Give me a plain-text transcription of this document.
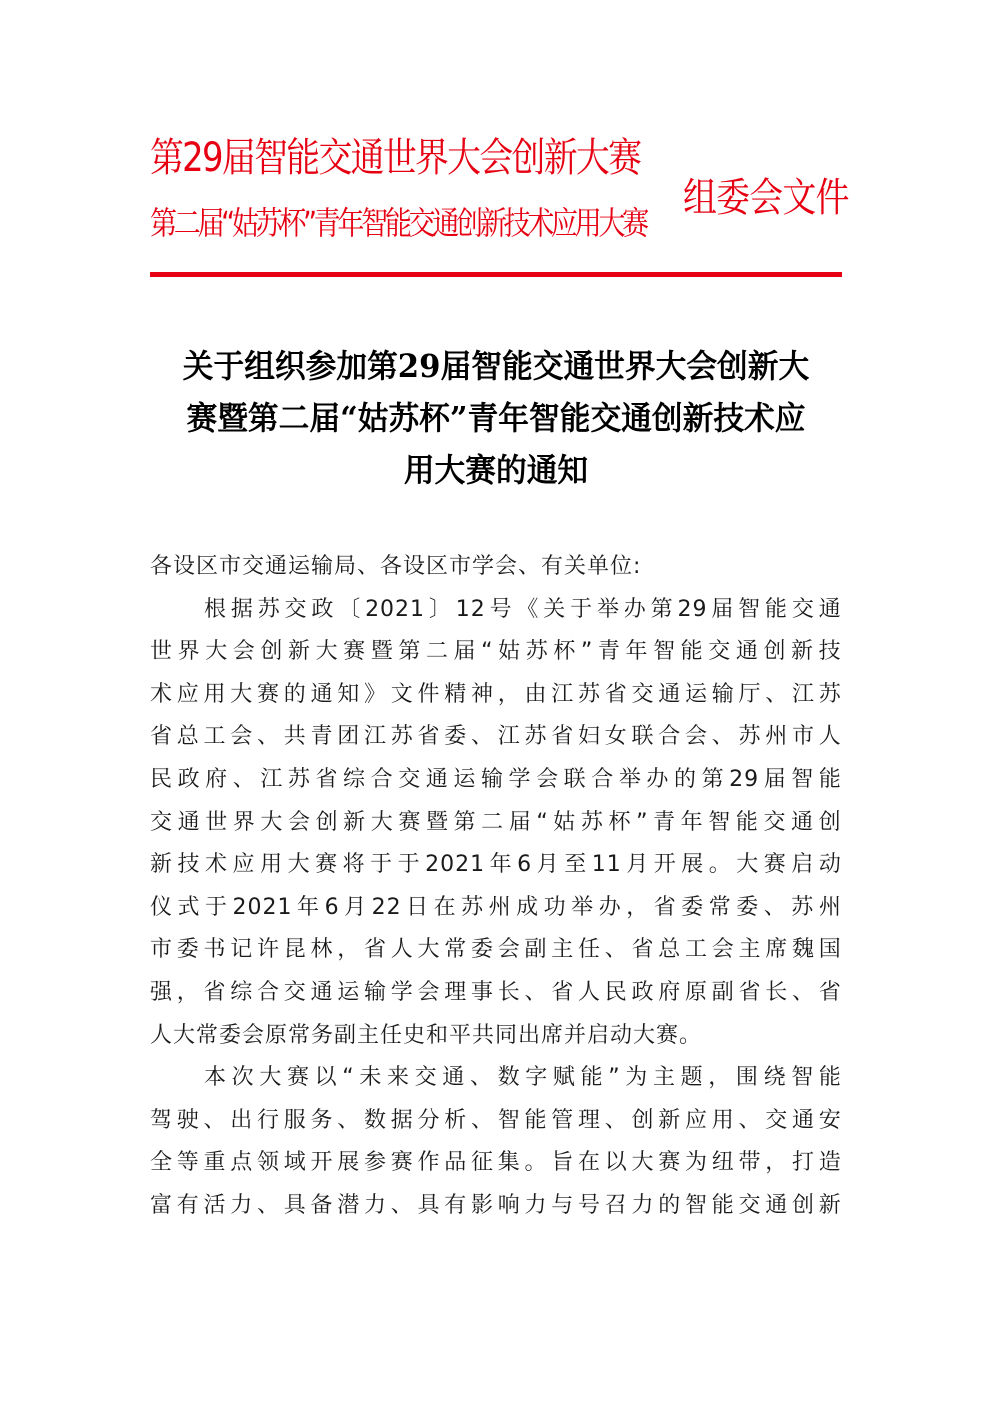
第29届智能交通世界大会创新大赛
第二届“姑苏杯”青年智能交通创新技术应用大赛
组委会文件
关于组织参加第29届智能交通世界大会创新大
赛暨第二届“姑苏杯”青年智能交通创新技术应
用大赛的通知
各设区市交通运输局、各设区市学会、有关单位:
根 据 苏 交 政 〔 2021 〕 12 号 《 关 于 举 办 第 29 届 智 能 交 通
世 界 大 会 创 新 大 赛 暨 第 二 届 “ 姑 苏 杯 ” 青 年 智 能 交 通 创 新 技
术 应 用 大 赛 的 通 知 》 文 件 精 神 ， 由 江 苏 省 交 通 运 输 厅 、 江 苏
省 总 工 会 、 共 青 团 江 苏 省 委 、 江 苏 省 妇 女 联 合 会 、 苏 州 市 人
民 政 府 、 江 苏 省 综 合 交 通 运 输 学 会 联 合 举 办 的 第 29 届 智 能
交 通 世 界 大 会 创 新 大 赛 暨 第 二 届 “ 姑 苏 杯 ” 青 年 智 能 交 通 创
新 技 术 应 用 大 赛 将 于 于 2021 年 6 月 至 11 月 开 展 。 大 赛 启 动
仪 式 于 2021 年 6 月 22 日 在 苏 州 成 功 举 办 ， 省 委 常 委 、 苏 州
市 委 书 记 许 昆 林 ， 省 人 大 常 委 会 副 主 任 、 省 总 工 会 主 席 魏 国
强 ， 省 综 合 交 通 运 输 学 会 理 事 长 、 省 人 民 政 府 原 副 省 长 、 省
人大常委会原常务副主任史和平共同出席并启动大赛。
本 次 大 赛 以 “ 未 来 交 通 、 数 字 赋 能 ” 为 主 题 ， 围 绕 智 能
驾 驶 、 出 行 服 务 、 数 据 分 析 、 智 能 管 理 、 创 新 应 用 、 交 通 安
全 等 重 点 领 域 开 展 参 赛 作 品 征 集 。 旨 在 以 大 赛 为 纽 带 ， 打 造
富 有 活 力 、 具 备 潜 力 、 具 有 影 响 力 与 号 召 力 的 智 能 交 通 创 新
